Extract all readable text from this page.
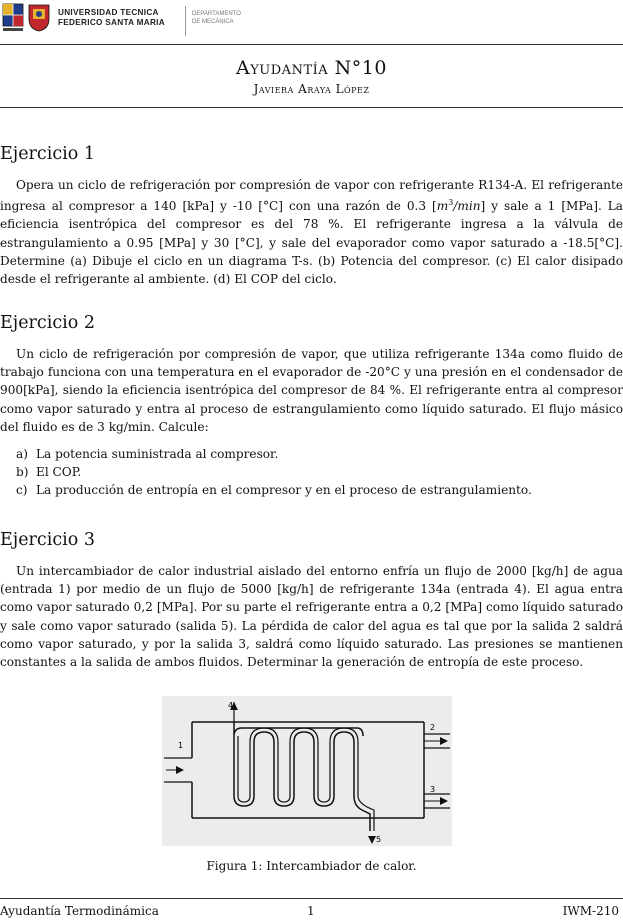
UNIVERSIDAD TECNICA
FEDERICO SANTA MARIA
DEPARTAMENTO
DE MECÁNICA
Ayudantía N°10
Javiera Araya López
Ejercicio 1
Opera un ciclo de refrigeración por compresión de vapor con refrigerante R134-A. El refrigerante ingresa al compresor a 140 [kPa] y -10 [°C] con una razón de 0.3 $[m^3/\min]$ y sale a 1 [MPa]. La eficiencia isentrópica del compresor es del 78 %. El refrigerante ingresa a la válvula de estrangulamiento a 0.95 [MPa] y 30 [°C], y sale del evaporador como vapor saturado a -18.5[°C]. Determine (a) Dibuje el ciclo en un diagrama T-s. (b) Potencia del compresor. (c) El calor disipado desde el refrigerante al ambiente. (d) El COP del ciclo.
Ejercicio 2
Un ciclo de refrigeración por compresión de vapor, que utiliza refrigerante 134a como fluido de trabajo funciona con una temperatura en el evaporador de -20°C y una presión en el condensador de 900[kPa], siendo la eficiencia isentrópica del compresor de 84 %. El refrigerante entra al compresor como vapor saturado y entra al proceso de estrangulamiento como líquido saturado. El flujo másico del fluido es de 3 kg/min. Calcule:
a) La potencia suministrada al compresor.
b) El COP.
c) La producción de entropía en el compresor y en el proceso de estrangulamiento.
Ejercicio 3
Un intercambiador de calor industrial aislado del entorno enfría un flujo de 2000 [kg/h] de agua (entrada 1) por medio de un flujo de 5000 [kg/h] de refrigerante 134a (entrada 4). El agua entra como vapor saturado 0,2 [MPa]. Por su parte el refrigerante entra a 0,2 [MPa] como líquido saturado y sale como vapor saturado (salida 5). La pérdida de calor del agua es tal que por la salida 2 saldrá como vapor saturado, y por la salida 3, saldrá como líquido saturado. Las presiones se mantienen constantes a la salida de ambos fluidos. Determinar la generación de entropía de este proceso.
1
4
5
2
3
Figura 1: Intercambiador de calor.
Ayudantía Termodinámica	1	IWM-210
